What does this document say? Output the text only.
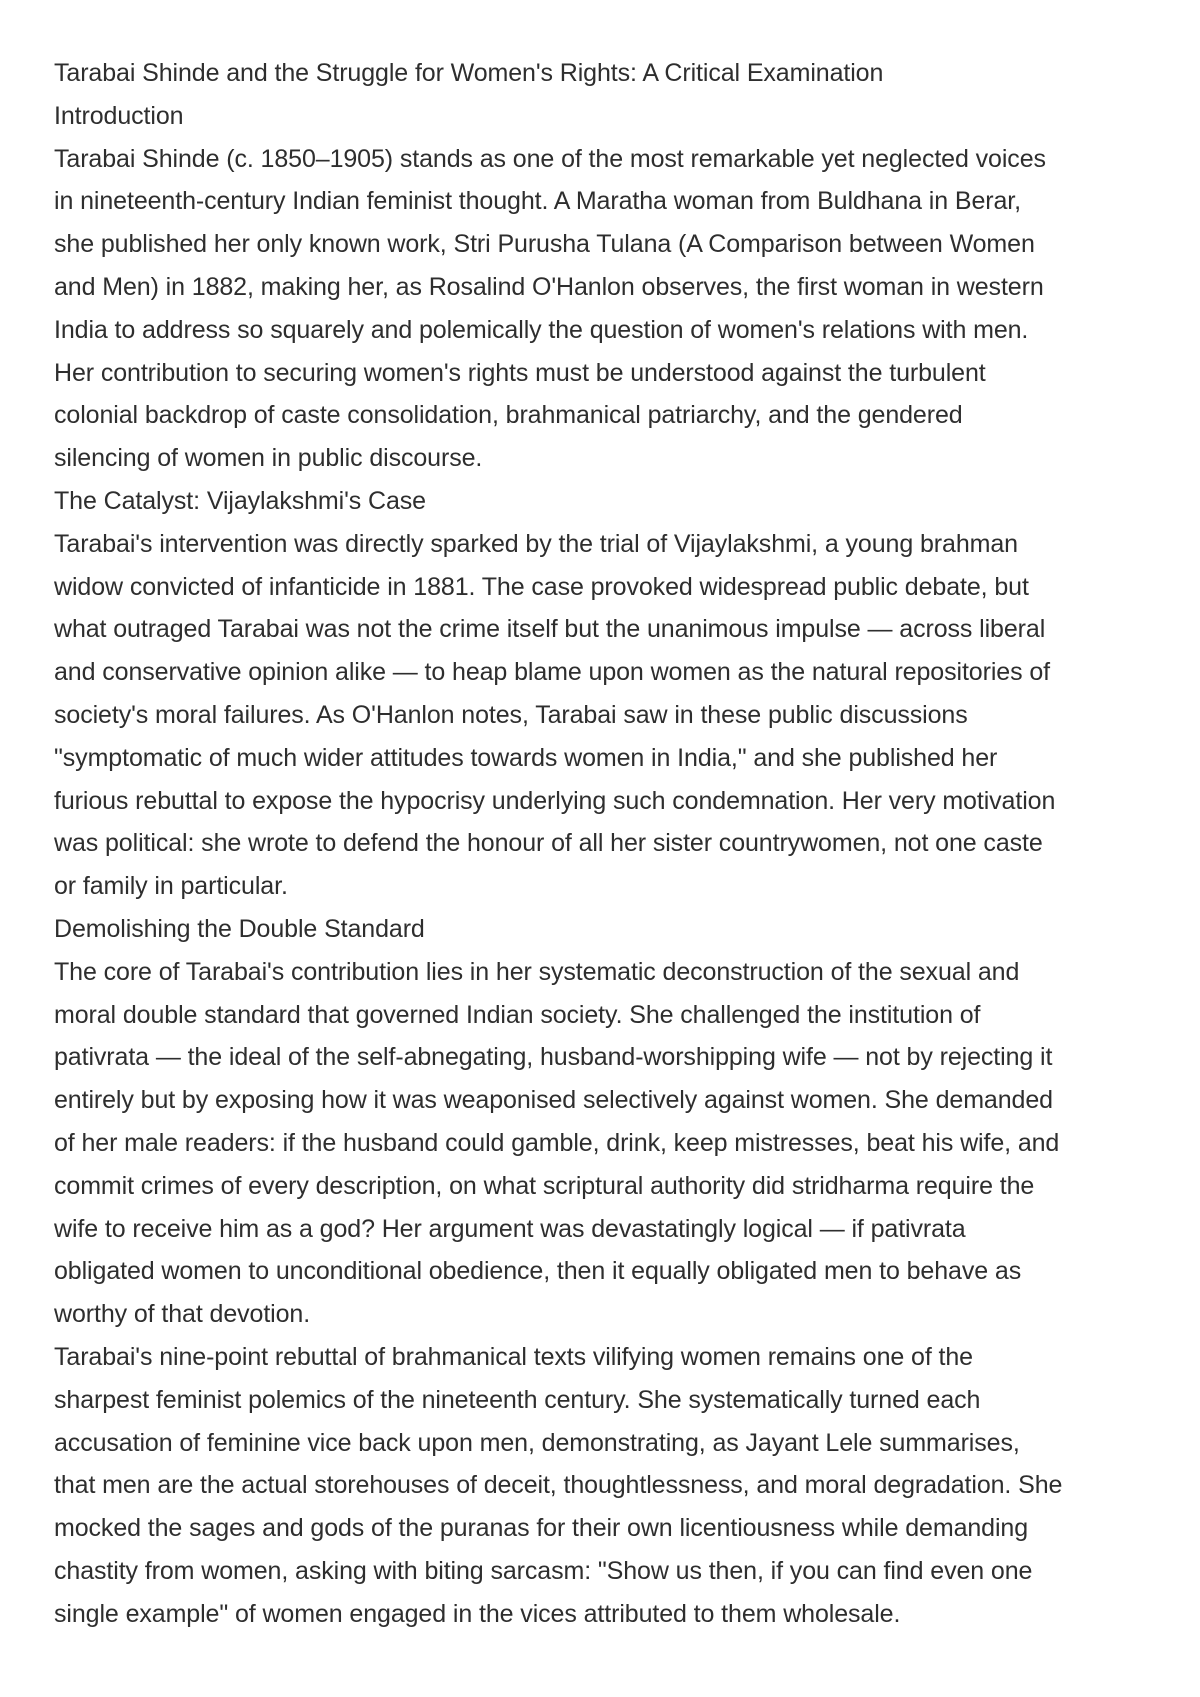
Tarabai Shinde and the Struggle for Women's Rights: A Critical Examination
Introduction
Tarabai Shinde (c. 1850–1905) stands as one of the most remarkable yet neglected voices
in nineteenth-century Indian feminist thought. A Maratha woman from Buldhana in Berar,
she published her only known work, Stri Purusha Tulana (A Comparison between Women
and Men) in 1882, making her, as Rosalind O'Hanlon observes, the first woman in western
India to address so squarely and polemically the question of women's relations with men.
Her contribution to securing women's rights must be understood against the turbulent
colonial backdrop of caste consolidation, brahmanical patriarchy, and the gendered
silencing of women in public discourse.
The Catalyst: Vijaylakshmi's Case
Tarabai's intervention was directly sparked by the trial of Vijaylakshmi, a young brahman
widow convicted of infanticide in 1881. The case provoked widespread public debate, but
what outraged Tarabai was not the crime itself but the unanimous impulse — across liberal
and conservative opinion alike — to heap blame upon women as the natural repositories of
society's moral failures. As O'Hanlon notes, Tarabai saw in these public discussions
"symptomatic of much wider attitudes towards women in India," and she published her
furious rebuttal to expose the hypocrisy underlying such condemnation. Her very motivation
was political: she wrote to defend the honour of all her sister countrywomen, not one caste
or family in particular.
Demolishing the Double Standard
The core of Tarabai's contribution lies in her systematic deconstruction of the sexual and
moral double standard that governed Indian society. She challenged the institution of
pativrata — the ideal of the self-abnegating, husband-worshipping wife — not by rejecting it
entirely but by exposing how it was weaponised selectively against women. She demanded
of her male readers: if the husband could gamble, drink, keep mistresses, beat his wife, and
commit crimes of every description, on what scriptural authority did stridharma require the
wife to receive him as a god? Her argument was devastatingly logical — if pativrata
obligated women to unconditional obedience, then it equally obligated men to behave as
worthy of that devotion.
Tarabai's nine-point rebuttal of brahmanical texts vilifying women remains one of the
sharpest feminist polemics of the nineteenth century. She systematically turned each
accusation of feminine vice back upon men, demonstrating, as Jayant Lele summarises,
that men are the actual storehouses of deceit, thoughtlessness, and moral degradation. She
mocked the sages and gods of the puranas for their own licentiousness while demanding
chastity from women, asking with biting sarcasm: "Show us then, if you can find even one
single example" of women engaged in the vices attributed to them wholesale.
